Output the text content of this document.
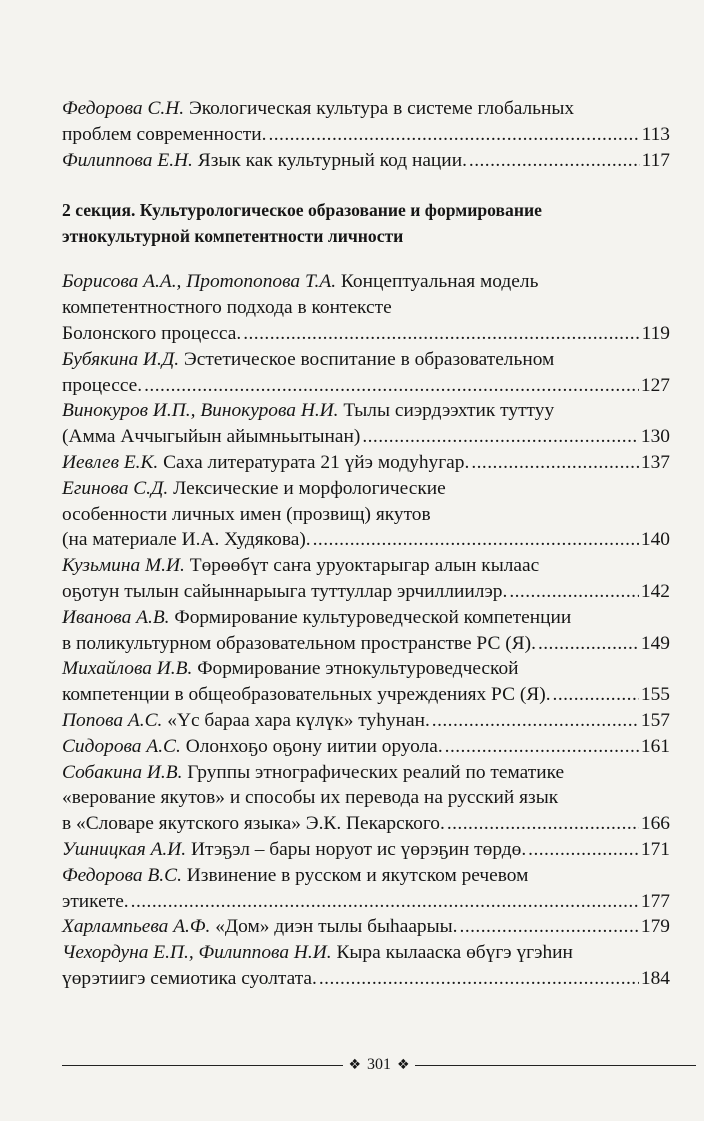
Федорова С.Н. Экологическая культура в системе глобальных
проблем современности. . . .	113
Филиппова Е.Н. Язык как культурный код нации. . . .	117
2 секция. Культурологическое образование и формирование
этнокультурной компетентности личности
Борисова А.А., Протопопова Т.А. Концептуальная модель
компетентностного подхода в контексте
Болонского процесса. . . .	119
Бубякина И.Д. Эстетическое воспитание в образовательном
процессе. . . .	127
Винокуров И.П., Винокурова Н.И. Тылы сиэрдээхтик туттуу
(Амма Аччыгыйын айымньытынан) . . .	130
Иевлев Е.К. Саха литературата 21 үйэ модуһугар. . . .	137
Егинова С.Д. Лексические и морфологические
особенности личных имен (прозвищ) якутов
(на материале И.А. Худякова). . . .	140
Кузьмина М.И. Төрөөбүт саҥа уруоктарыгар алын кылаас
оҕотун тылын сайыннарыыга туттуллар эрчиллиилэр. . . .	142
Иванова А.В. Формирование культуроведческой компетенции
в поликультурном образовательном пространстве РС (Я). . . .	149
Михайлова И.В. Формирование этнокультуроведческой
компетенции в общеобразовательных учреждениях РС (Я). . . .	155
Попова А.С. «Үс бараа хара күлүк» туһунан. . . .	157
Сидорова А.С. Олонхоҕо оҕону иитии оруола. . . .	161
Собакина И.В. Группы этнографических реалий по тематике
«верование якутов» и способы их перевода на русский язык
в «Словаре якутского языка» Э.К. Пекарского. . . .	166
Ушницкая А.И. Итэҕэл – бары норуот ис үөрэҕин төрдө. . . .	171
Федорова В.С. Извинение в русском и якутском речевом
этикете. . . .	177
Харлампьева А.Ф. «Дом» диэн тылы быһаарыы. . . .	179
Чехордуна Е.П., Филиппова Н.И. Кыра кылааска өбүгэ үгэһин
үөрэтиигэ семиотика суолтата. . . .	184
❖ 301 ❖
